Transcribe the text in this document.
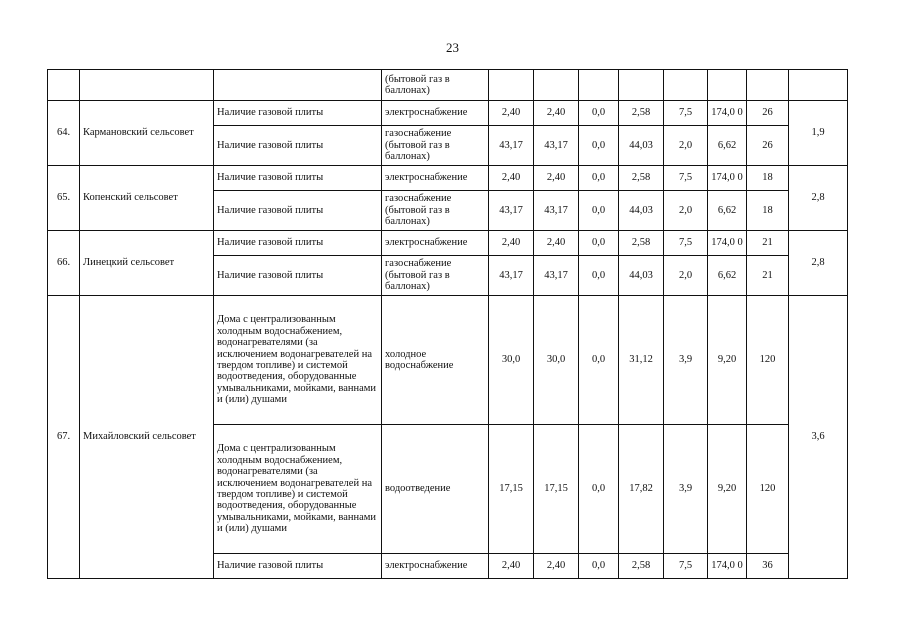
23
			(бытовой газ в баллонах)								
64.	Кармановский сельсовет	Наличие газовой плиты	электроснабжение	2,40	2,40	0,0	2,58	7,5	174,0 0	26	1,9
		Наличие газовой плиты	газоснабжение (бытовой газ в баллонах)	43,17	43,17	0,0	44,03	2,0	6,62	26	
65.	Копенский сельсовет	Наличие газовой плиты	электроснабжение	2,40	2,40	0,0	2,58	7,5	174,0 0	18	2,8
		Наличие газовой плиты	газоснабжение (бытовой газ в баллонах)	43,17	43,17	0,0	44,03	2,0	6,62	18	
66.	Линецкий сельсовет	Наличие газовой плиты	электроснабжение	2,40	2,40	0,0	2,58	7,5	174,0 0	21	2,8
		Наличие газовой плиты	газоснабжение (бытовой газ в баллонах)	43,17	43,17	0,0	44,03	2,0	6,62	21	
67.	Михайловский сельсовет	Дома с централизованным холодным водоснабжением, водонагревателями (за исключением водонагревателей на твердом топливе) и системой водоотведения, оборудованные умывальниками, мойками, ваннами и (или) душами	холодное водоснабжение	30,0	30,0	0,0	31,12	3,9	9,20	120	3,6
		Дома с централизованным холодным водоснабжением, водонагревателями (за исключением водонагревателей на твердом топливе) и системой водоотведения, оборудованные умывальниками, мойками, ваннами и (или) душами	водоотведение	17,15	17,15	0,0	17,82	3,9	9,20	120	
		Наличие газовой плиты	электроснабжение	2,40	2,40	0,0	2,58	7,5	174,0 0	36	
